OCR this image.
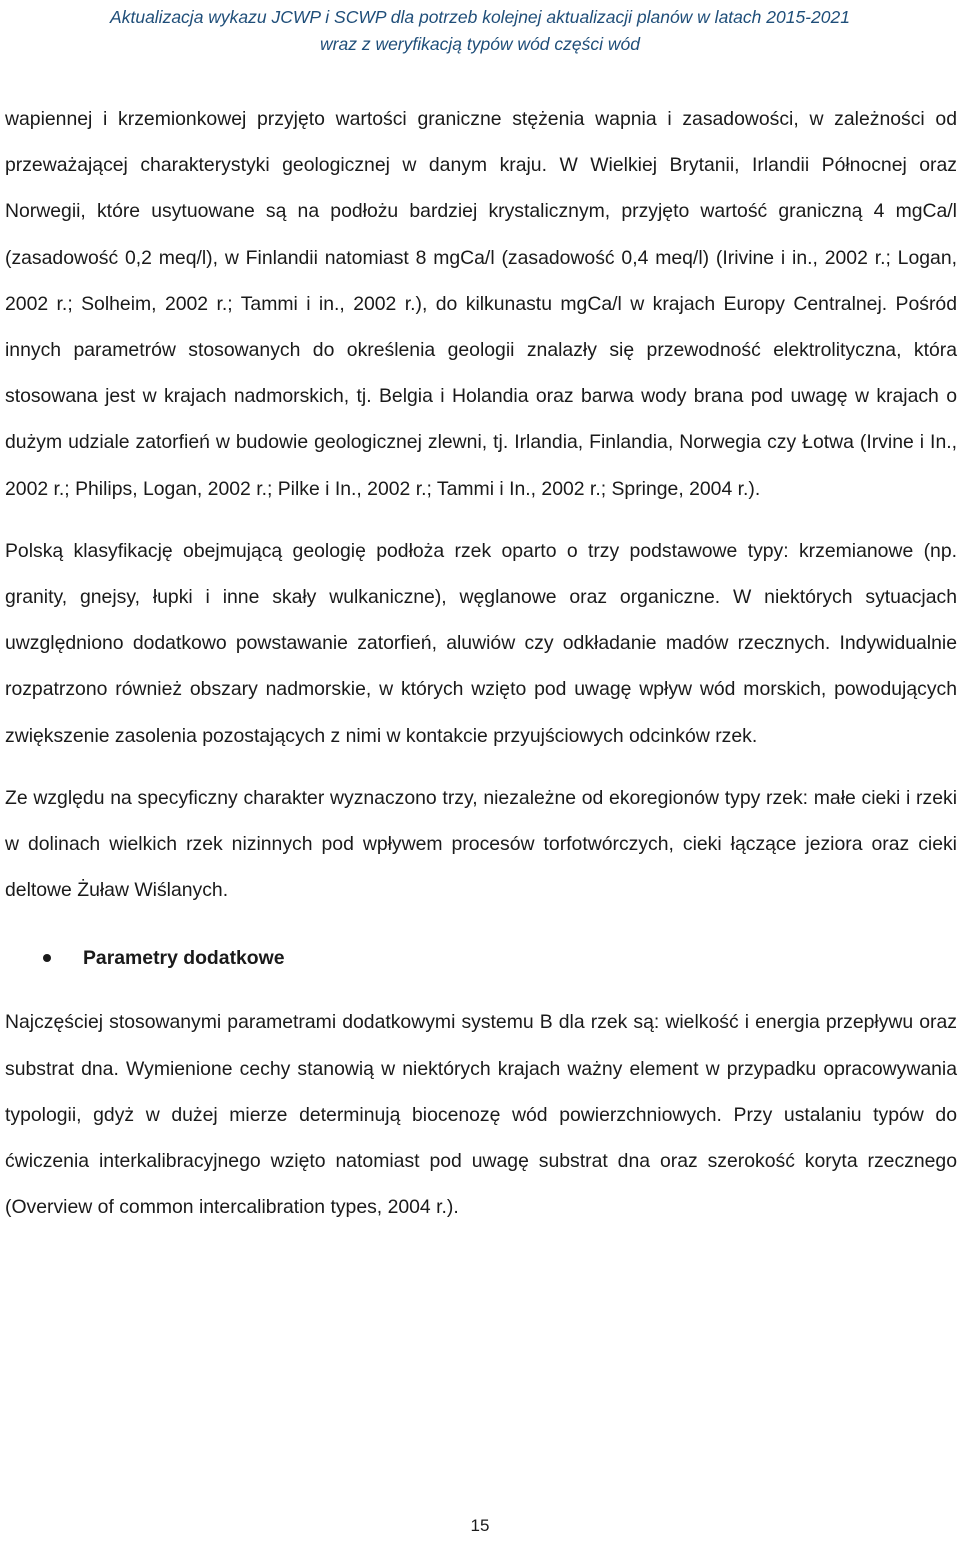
Aktualizacja wykazu JCWP i SCWP dla potrzeb kolejnej aktualizacji planów w latach 2015-2021
wraz z weryfikacją typów wód części wód

wapiennej i krzemionkowej przyjęto wartości graniczne stężenia wapnia i zasadowości, w zależności od przeważającej charakterystyki geologicznej w danym kraju. W Wielkiej Brytanii, Irlandii Północnej oraz Norwegii, które usytuowane są na podłożu bardziej krystalicznym, przyjęto wartość graniczną 4 mgCa/l (zasadowość 0,2 meq/l), w Finlandii natomiast 8 mgCa/l (zasadowość 0,4 meq/l) (Irivine i in., 2002 r.; Logan, 2002 r.; Solheim, 2002 r.; Tammi i in., 2002 r.), do kilkunastu mgCa/l w krajach Europy Centralnej. Pośród innych parametrów stosowanych do określenia geologii znalazły się przewodność elektrolityczna, która stosowana jest w krajach nadmorskich, tj. Belgia i Holandia oraz barwa wody brana pod uwagę w krajach o dużym udziale zatorfień w budowie geologicznej zlewni, tj. Irlandia, Finlandia, Norwegia czy Łotwa (Irvine i In., 2002 r.; Philips, Logan, 2002 r.; Pilke i In., 2002 r.; Tammi i In., 2002 r.; Springe, 2004 r.).

Polską klasyfikację obejmującą geologię podłoża rzek oparto o trzy podstawowe typy: krzemianowe (np. granity, gnejsy, łupki i inne skały wulkaniczne), węglanowe oraz organiczne. W niektórych sytuacjach uwzględniono dodatkowo powstawanie zatorfień, aluwiów czy odkładanie madów rzecznych. Indywidualnie rozpatrzono również obszary nadmorskie, w których wzięto pod uwagę wpływ wód morskich, powodujących zwiększenie zasolenia pozostających z nimi w kontakcie przyujściowych odcinków rzek.

Ze względu na specyficzny charakter wyznaczono trzy, niezależne od ekoregionów typy rzek: małe cieki i rzeki w dolinach wielkich rzek nizinnych pod wpływem procesów torfotwórczych, cieki łączące jeziora oraz cieki deltowe Żuław Wiślanych.

Parametry dodatkowe

Najczęściej stosowanymi parametrami dodatkowymi systemu B dla rzek są: wielkość i energia przepływu oraz substrat dna. Wymienione cechy stanowią w niektórych krajach ważny element w przypadku opracowywania typologii, gdyż w dużej mierze determinują biocenozę wód powierzchniowych. Przy ustalaniu typów do ćwiczenia interkalibracyjnego wzięto natomiast pod uwagę substrat dna oraz szerokość koryta rzecznego (Overview of common intercalibration types, 2004 r.).

15
